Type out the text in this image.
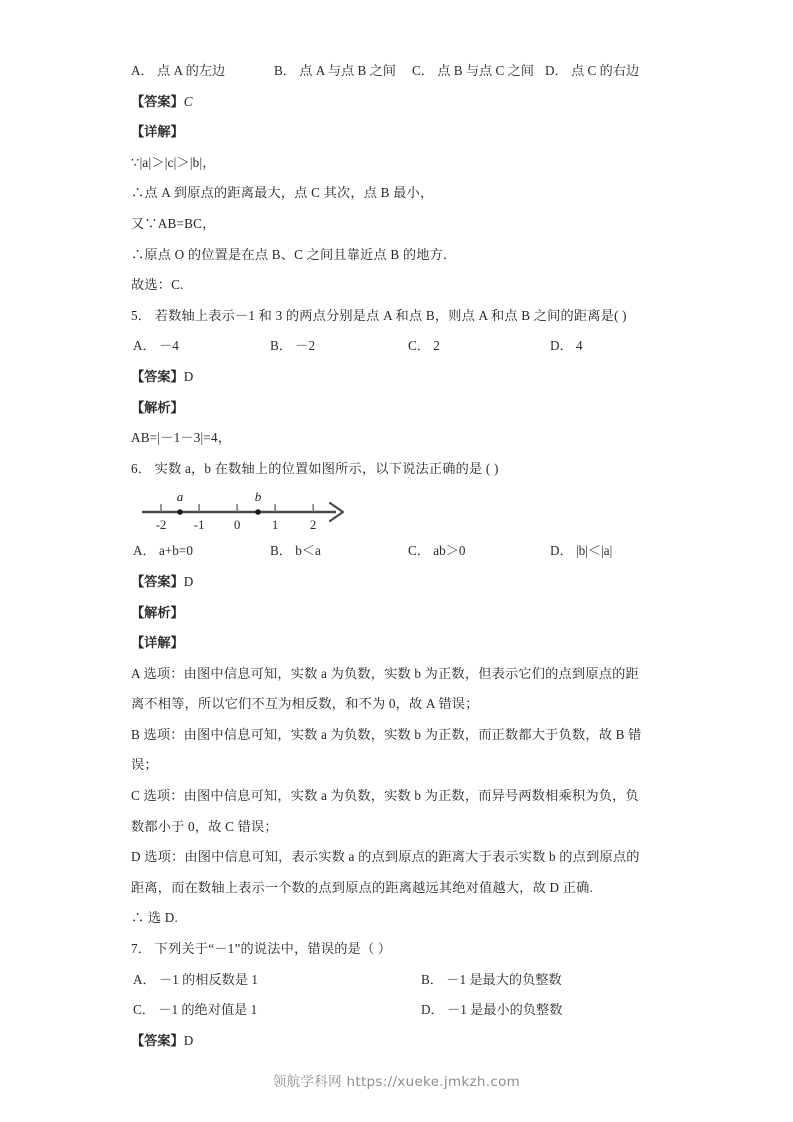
A． 点 A 的左边	B． 点 A 与点 B 之间 C． 点 B 与点 C 之间 D． 点 C 的右边
【答案】C
【详解】
∵|a|＞|c|＞|b|，
∴点 A 到原点的距离最大，点 C 其次，点 B 最小，
又∵AB=BC，
∴原点 O 的位置是在点 B、C 之间且靠近点 B 的地方．
故选：C.
5． 若数轴上表示－1 和 3 的两点分别是点 A 和点 B，则点 A 和点 B 之间的距离是( )
A． －4	B． －2	C． 2	D． 4
【答案】D
【解析】
AB=|－1－3|=4，
6． 实数 a，b 在数轴上的位置如图所示，以下说法正确的是 ( )
-2 -1 0 1 2
a	b
A． a+b=0	B． b＜a	C． ab＞0	D． |b|＜|a|
【答案】D
【解析】
【详解】
A 选项：由图中信息可知，实数 a 为负数，实数 b 为正数，但表示它们的点到原点的距
离不相等，所以它们不互为相反数，和不为 0，故 A 错误；
B 选项：由图中信息可知，实数 a 为负数，实数 b 为正数，而正数都大于负数，故 B 错
误；
C 选项：由图中信息可知，实数 a 为负数，实数 b 为正数，而异号两数相乘积为负，负
数都小于 0，故 C 错误；
D 选项：由图中信息可知，表示实数 a 的点到原点的距离大于表示实数 b 的点到原点的
距离，而在数轴上表示一个数的点到原点的距离越远其绝对值越大，故 D 正确.
∴ 选 D.
7． 下列关于“－1”的说法中，错误的是（ ）
A． －1 的相反数是 1	B． －1 是最大的负整数
C． －1 的绝对值是 1	D． －1 是最小的负整数
【答案】D
领航学科网 https://xueke.jmkzh.com
